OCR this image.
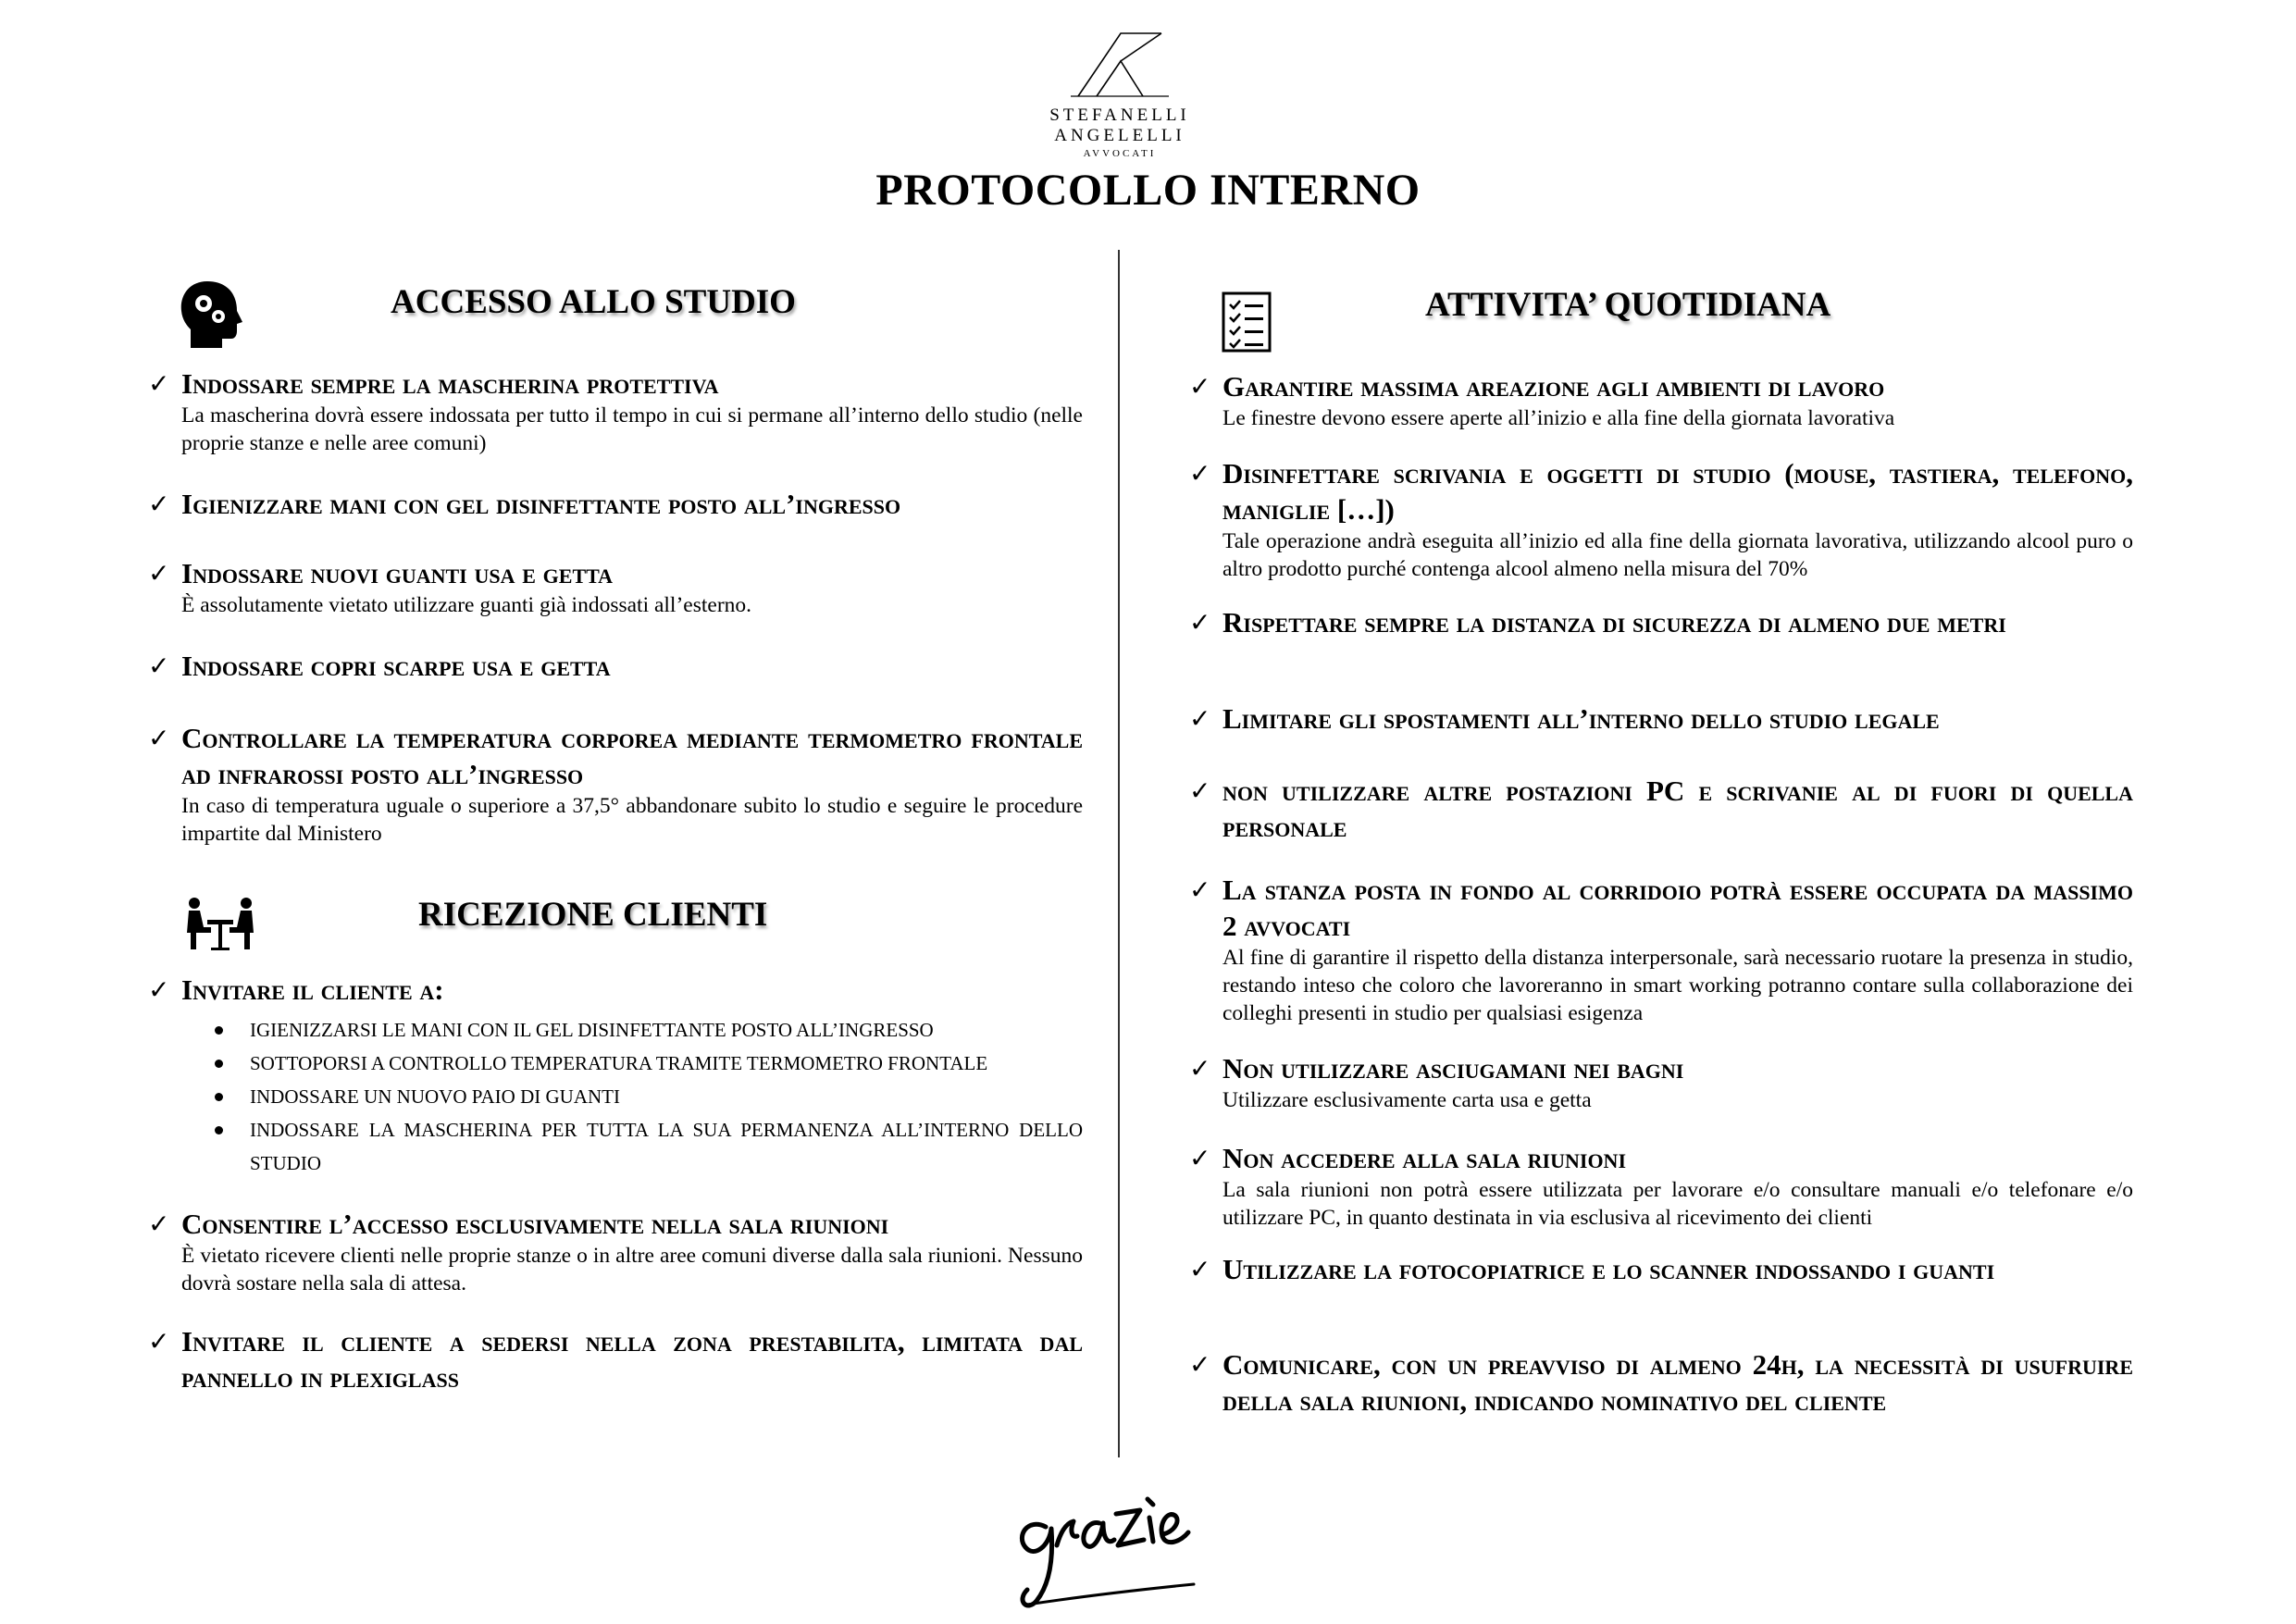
STEFANELLI ANGELELLI
AVVOCATI
PROTOCOLLO INTERNO
ACCESSO ALLO STUDIO
✓ Indossare sempre la mascherina protettiva
La mascherina dovrà essere indossata per tutto il tempo in cui si permane all’interno dello studio (nelle proprie stanze e nelle aree comuni)
✓ Igienizzare mani con gel disinfettante posto all’ingresso
✓ Indossare nuovi guanti usa e getta
È assolutamente vietato utilizzare guanti già indossati all’esterno.
✓ Indossare copri scarpe usa e getta
✓ Controllare la temperatura corporea mediante termometro frontale ad infrarossi posto all’ingresso
In caso di temperatura uguale o superiore a 37,5° abbandonare subito lo studio e seguire le procedure impartite dal Ministero
RICEZIONE CLIENTI
✓ Invitare il cliente a:
IGIENIZZARSI LE MANI CON IL GEL DISINFETTANTE POSTO ALL’INGRESSO
SOTTOPORSI A CONTROLLO TEMPERATURA TRAMITE TERMOMETRO FRONTALE
INDOSSARE UN NUOVO PAIO DI GUANTI
INDOSSARE LA MASCHERINA PER TUTTA LA SUA PERMANENZA ALL’INTERNO DELLO STUDIO
✓ Consentire l’accesso esclusivamente nella sala riunioni
È vietato ricevere clienti nelle proprie stanze o in altre aree comuni diverse dalla sala riunioni. Nessuno dovrà sostare nella sala di attesa.
✓ Invitare il cliente a sedersi nella zona prestabilita, limitata dal pannello in plexiglass
ATTIVITA’ QUOTIDIANA
✓ Garantire massima areazione agli ambienti di lavoro
Le finestre devono essere aperte all’inizio e alla fine della giornata lavorativa
✓ Disinfettare scrivania e oggetti di studio (mouse, tastiera, telefono, maniglie […])
Tale operazione andrà eseguita all’inizio ed alla fine della giornata lavorativa, utilizzando alcool puro o altro prodotto purché contenga alcool almeno nella misura del 70%
✓ Rispettare sempre la distanza di sicurezza di almeno due metri
✓ Limitare gli spostamenti all’interno dello studio legale
✓ non utilizzare altre postazioni PC e scrivanie al di fuori di quella personale
✓ La stanza posta in fondo al corridoio potrà essere occupata da massimo 2 avvocati
Al fine di garantire il rispetto della distanza interpersonale, sarà necessario ruotare la presenza in studio, restando inteso che coloro che lavoreranno in smart working potranno contare sulla collaborazione dei colleghi presenti in studio per qualsiasi esigenza
✓ Non utilizzare asciugamani nei bagni
Utilizzare esclusivamente carta usa e getta
✓ Non accedere alla sala riunioni
La sala riunioni non potrà essere utilizzata per lavorare e/o consultare manuali e/o telefonare e/o utilizzare PC, in quanto destinata in via esclusiva al ricevimento dei clienti
✓ Utilizzare la fotocopiatrice e lo scanner indossando i guanti
✓ Comunicare, con un preavviso di almeno 24h, la necessità di usufruire della sala riunioni, indicando nominativo del cliente
